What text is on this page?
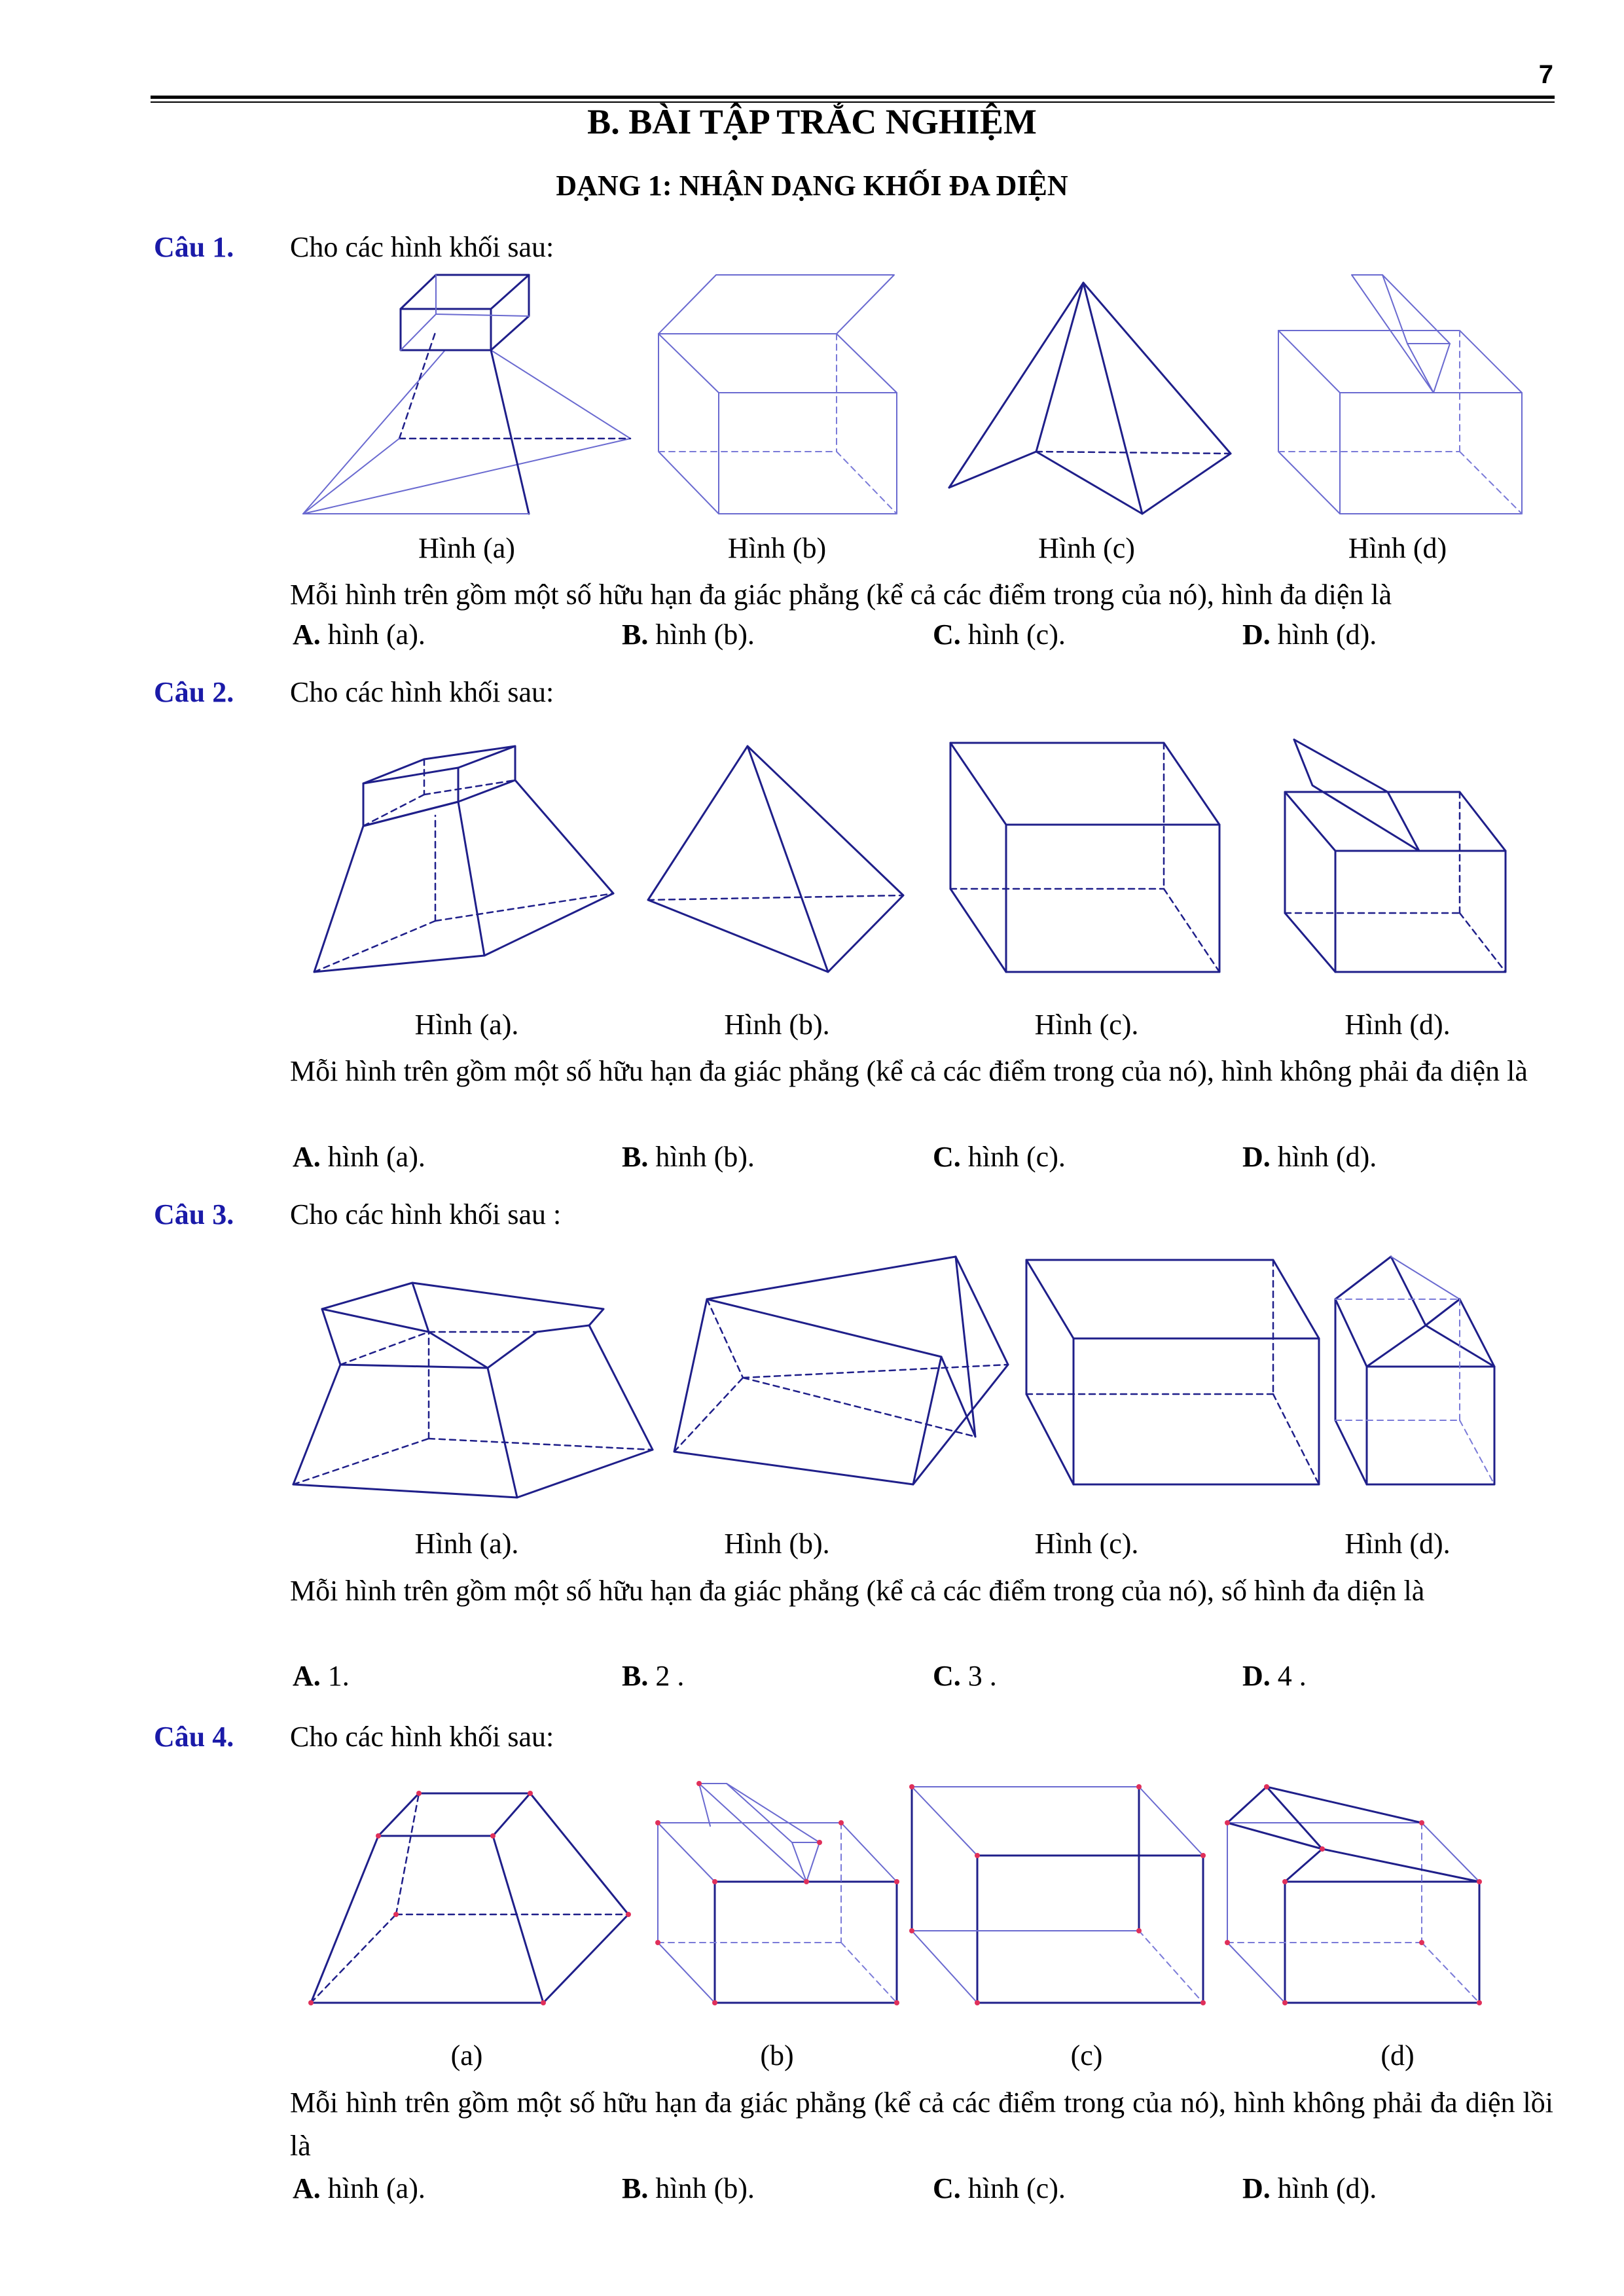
7
B. BÀI TẬP TRẮC NGHIỆM
DẠNG 1: NHẬN DẠNG KHỐI ĐA DIỆN
Câu 1. Cho các hình khối sau:
Hình (a)	Hình (b)	Hình (c)	Hình (d)
Mỗi hình trên gồm một số hữu hạn đa giác phẳng (kể cả các điểm trong của nó), hình đa diện là
A. hình (a).	B. hình (b).	C. hình (c).	D. hình (d).
Câu 2. Cho các hình khối sau:
Hình (a).	Hình (b).	Hình (c).	Hình (d).
Mỗi hình trên gồm một số hữu hạn đa giác phẳng (kể cả các điểm trong của nó), hình không phải đa diện là
A. hình (a).	B. hình (b).	C. hình (c).	D. hình (d).
Câu 3. Cho các hình khối sau :
Hình (a).	Hình (b).	Hình (c).	Hình (d).
Mỗi hình trên gồm một số hữu hạn đa giác phẳng (kể cả các điểm trong của nó), số hình đa diện là
A. 1.	B. 2 .	C. 3 .	D. 4 .
Câu 4. Cho các hình khối sau:
(a)	(b)	(c)	(d)
Mỗi hình trên gồm một số hữu hạn đa giác phẳng (kể cả các điểm trong của nó), hình không phải đa diện lồi là
A. hình (a).	B. hình (b).	C. hình (c).	D. hình (d).
